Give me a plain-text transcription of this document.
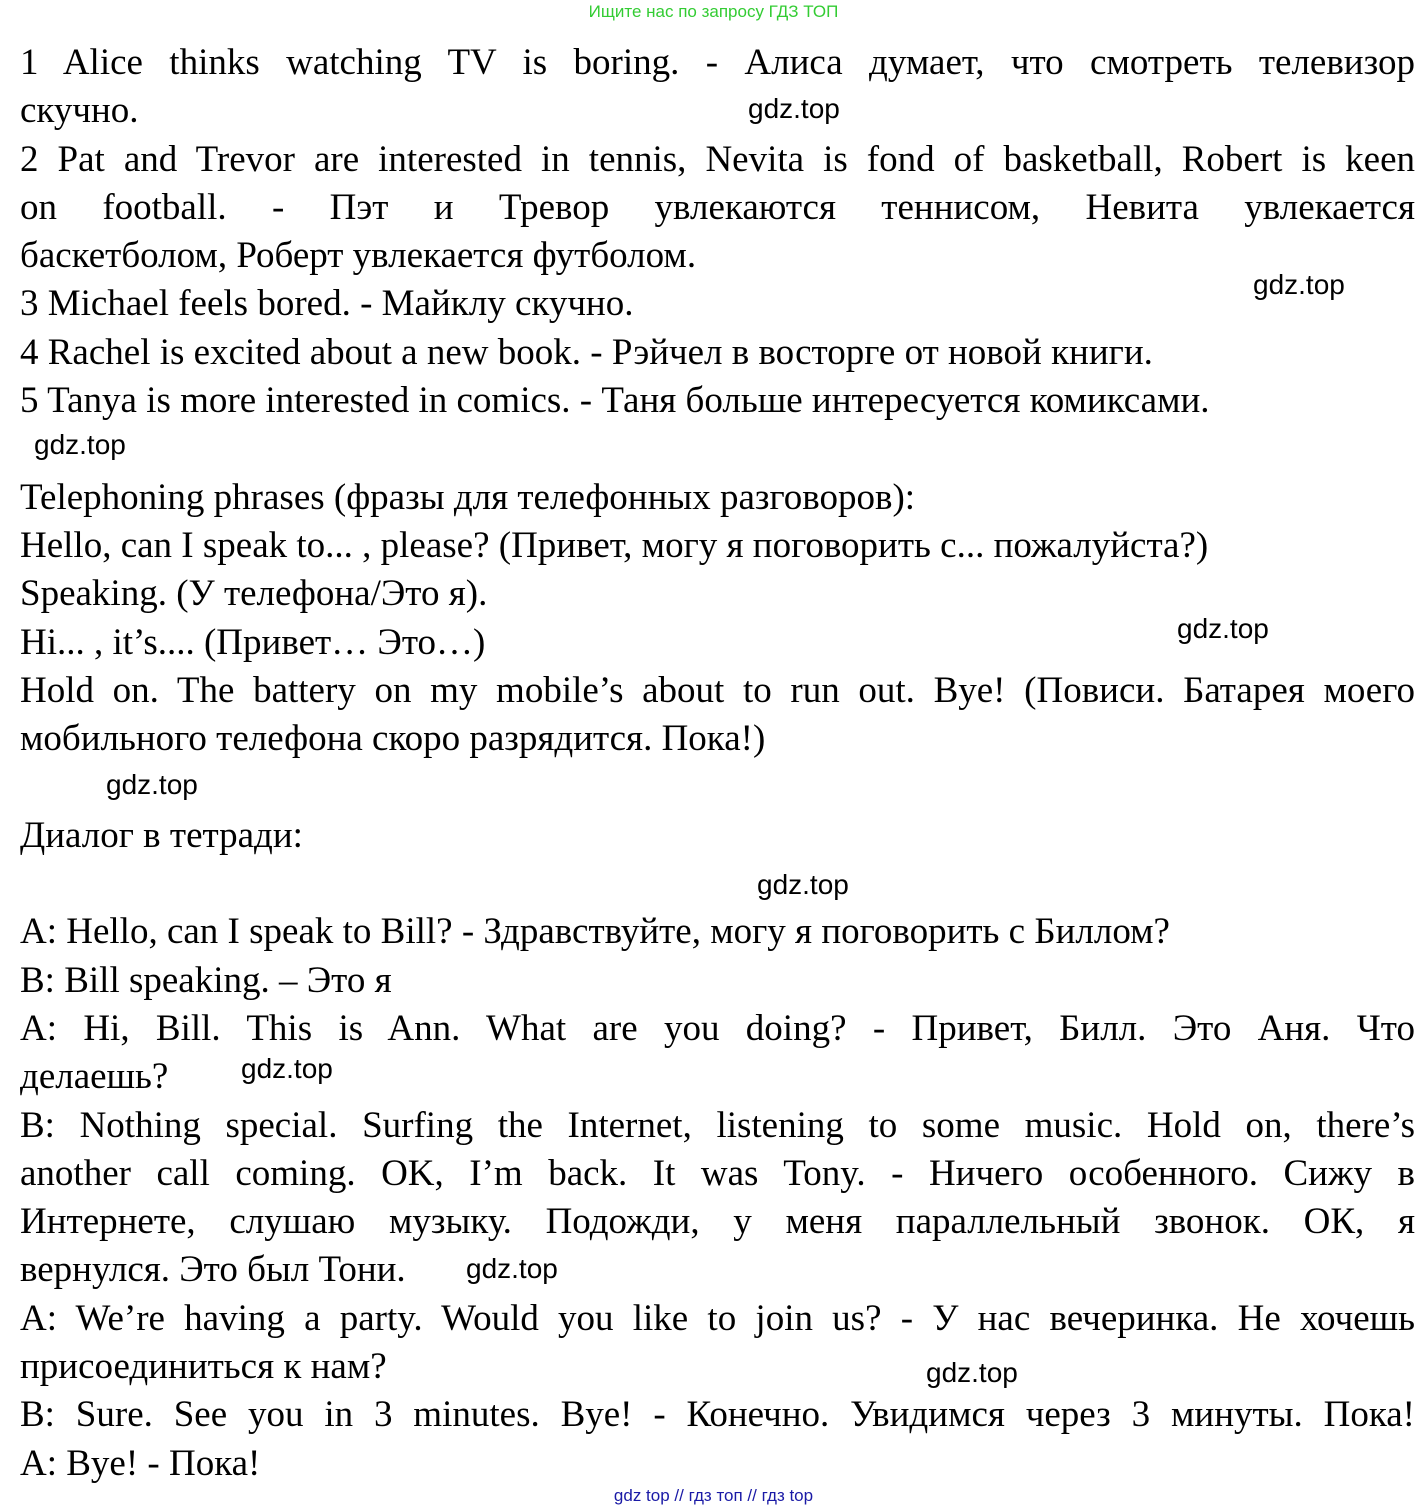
Ищите нас по запросу ГДЗ ТОП
1 Alice thinks watching TV is boring. - Алиса думает, что смотреть телевизор
скучно.
2 Pat and Trevor are interested in tennis, Nevita is fond of basketball, Robert is keen
on football. - Пэт и Тревор увлекаются теннисом, Невита увлекается
баскетболом, Роберт увлекается футболом.
3 Michael feels bored. - Майклу скучно.
4 Rachel is excited about a new book. - Рэйчел в восторге от новой книги.
5 Tanya is more interested in comics. - Таня больше интересуется комиксами.
Telephoning phrases (фразы для телефонных разговоров):
Hello, can I speak to... , please? (Привет, могу я поговорить с... пожалуйста?)
Speaking. (У телефона/Это я).
Hi... , it’s.... (Привет… Это…)
Hold on. The battery on my mobile’s about to run out. Bye! (Повиси. Батарея моего
мобильного телефона скоро разрядится. Пока!)
Диалог в тетради:
A: Hello, can I speak to Bill? - Здравствуйте, могу я поговорить с Биллом?
B: Bill speaking. – Это я
A: Hi, Bill. This is Ann. What are you doing? - Привет, Билл. Это Аня. Что
делаешь?
B: Nothing special. Surfing the Internet, listening to some music. Hold on, there’s
another call coming. OK, I’m back. It was Tony. - Ничего особенного. Сижу в
Интернете, слушаю музыку. Подожди, у меня параллельный звонок. ОК, я
вернулся. Это был Тони.
A: We’re having a party. Would you like to join us? - У нас вечеринка. Не хочешь
присоединиться к нам?
B: Sure. See you in 3 minutes. Bye! - Конечно. Увидимся через 3 минуты. Пока!
A: Bye! - Пока!
gdz.top
gdz.top
gdz.top
gdz.top
gdz.top
gdz.top
gdz.top
gdz.top
gdz.top
gdz top // гдз топ // гдз top
